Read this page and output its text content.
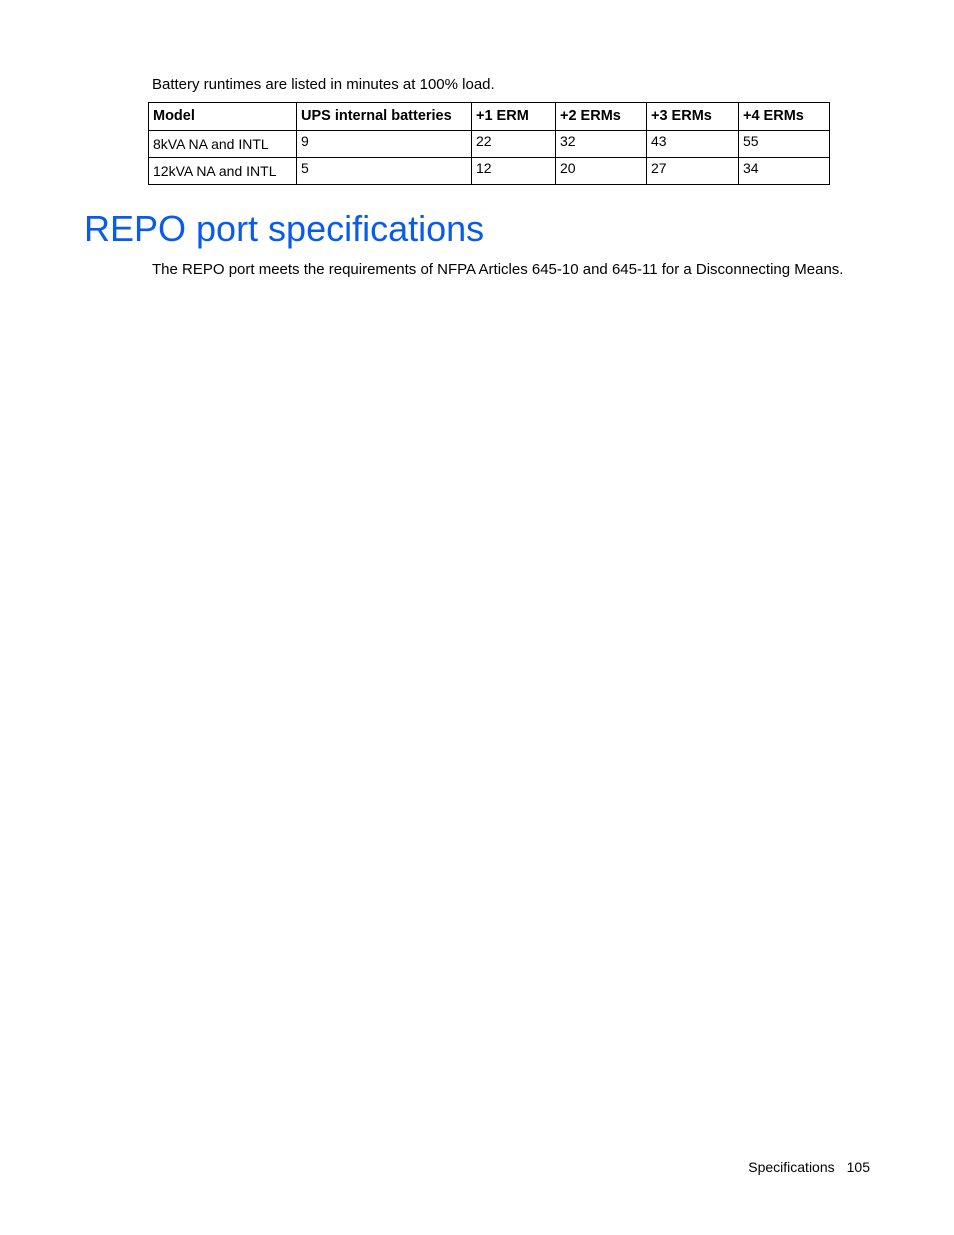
Battery runtimes are listed in minutes at 100% load.

Model	UPS internal batteries	+1 ERM	+2 ERMs	+3 ERMs	+4 ERMs
8kVA NA and INTL	9	22	32	43	55
12kVA NA and INTL	5	12	20	27	34
REPO port specifications

The REPO port meets the requirements of NFPA Articles 645-10 and 645-11 for a Disconnecting Means.

Specifications 105
